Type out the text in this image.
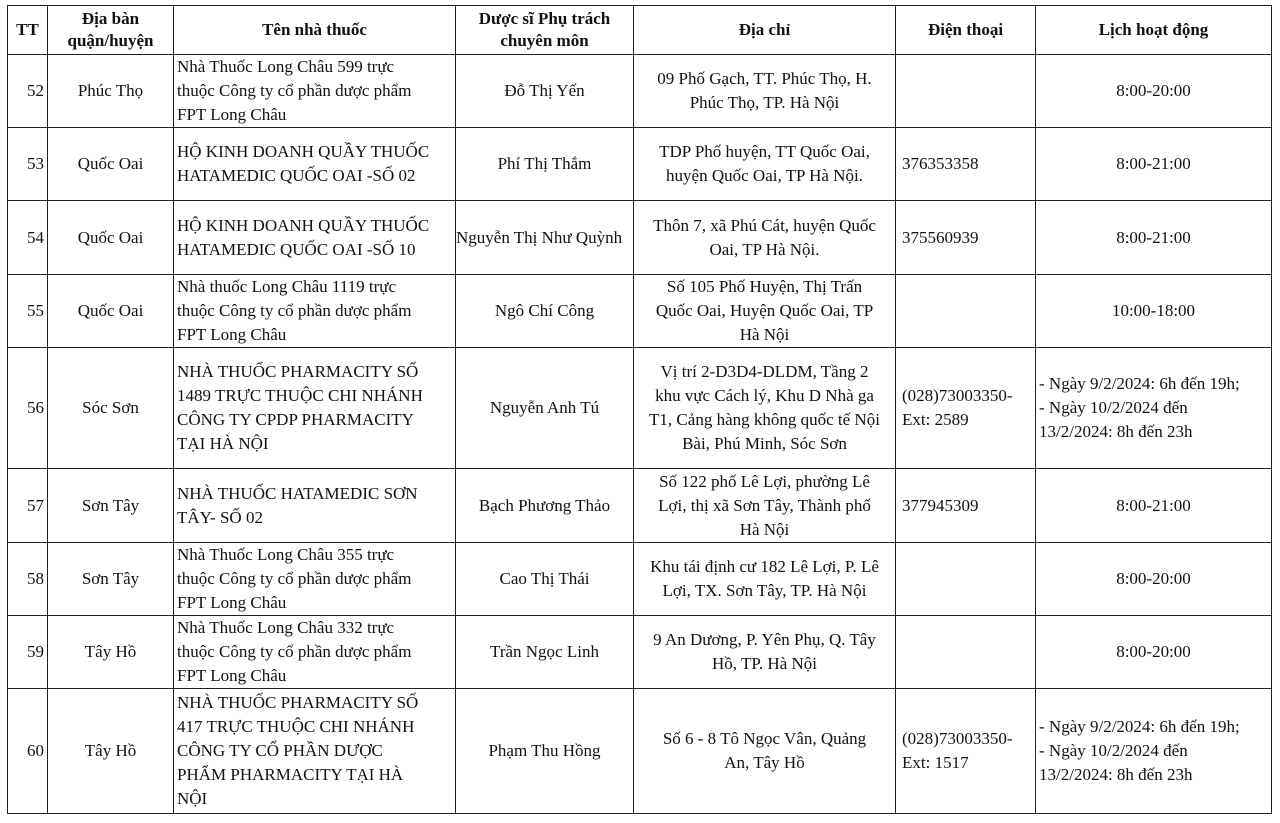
TT	Địa bàn
quận/huyện	Tên nhà thuốc	Dược sĩ Phụ trách
chuyên môn	Địa chỉ	Điện thoại	Lịch hoạt động
52	Phúc Thọ	Nhà Thuốc Long Châu 599 trực
thuộc Công ty cổ phần dược phẩm
FPT Long Châu	Đỗ Thị Yến	09 Phố Gạch, TT. Phúc Thọ, H.
Phúc Thọ, TP. Hà Nội		8:00-20:00
53	Quốc Oai	HỘ KINH DOANH QUẦY THUỐC
HATAMEDIC QUỐC OAI -SỐ 02	Phí Thị Thắm	TDP Phố huyện, TT Quốc Oai,
huyện Quốc Oai, TP Hà Nội.	376353358	8:00-21:00
54	Quốc Oai	HỘ KINH DOANH QUẦY THUỐC
HATAMEDIC QUỐC OAI -SỐ 10	Nguyễn Thị Như Quỳnh	Thôn 7, xã Phú Cát, huyện Quốc
Oai, TP Hà Nội.	375560939	8:00-21:00
55	Quốc Oai	Nhà thuốc Long Châu 1119 trực
thuộc Công ty cổ phần dược phẩm
FPT Long Châu	Ngô Chí Công	Số 105 Phố Huyện, Thị Trấn
Quốc Oai, Huyện Quốc Oai, TP
Hà Nội		10:00-18:00
56	Sóc Sơn	NHÀ THUỐC PHARMACITY SỐ
1489 TRỰC THUỘC CHI NHÁNH
CÔNG TY CPDP PHARMACITY
TẠI HÀ NỘI	Nguyễn Anh Tú	Vị trí 2-D3D4-DLDM, Tầng 2
khu vực Cách lý, Khu D Nhà ga
T1, Cảng hàng không quốc tế Nội
Bài, Phú Minh, Sóc Sơn	(028)73003350-
Ext: 2589	- Ngày 9/2/2024: 6h đến 19h;
- Ngày 10/2/2024 đến
13/2/2024: 8h đến 23h
57	Sơn Tây	NHÀ THUỐC HATAMEDIC SƠN
TÂY- SỐ 02	Bạch Phương Thảo	Số 122 phố Lê Lợi, phường Lê
Lợi, thị xã Sơn Tây, Thành phố
Hà Nội	377945309	8:00-21:00
58	Sơn Tây	Nhà Thuốc Long Châu 355 trực
thuộc Công ty cổ phần dược phẩm
FPT Long Châu	Cao Thị Thái	Khu tái định cư 182 Lê Lợi, P. Lê
Lợi, TX. Sơn Tây, TP. Hà Nội		8:00-20:00
59	Tây Hồ	Nhà Thuốc Long Châu 332 trực
thuộc Công ty cổ phần dược phẩm
FPT Long Châu	Trần Ngọc Linh	9 An Dương, P. Yên Phụ, Q. Tây
Hồ, TP. Hà Nội		8:00-20:00
60	Tây Hồ	NHÀ THUỐC PHARMACITY SỐ
417 TRỰC THUỘC CHI NHÁNH
CÔNG TY CỔ PHẦN DƯỢC
PHẨM PHARMACITY TẠI HÀ
NỘI	Phạm Thu Hồng	Số 6 - 8 Tô Ngọc Vân, Quảng
An, Tây Hồ	(028)73003350-
Ext: 1517	- Ngày 9/2/2024: 6h đến 19h;
- Ngày 10/2/2024 đến
13/2/2024: 8h đến 23h
